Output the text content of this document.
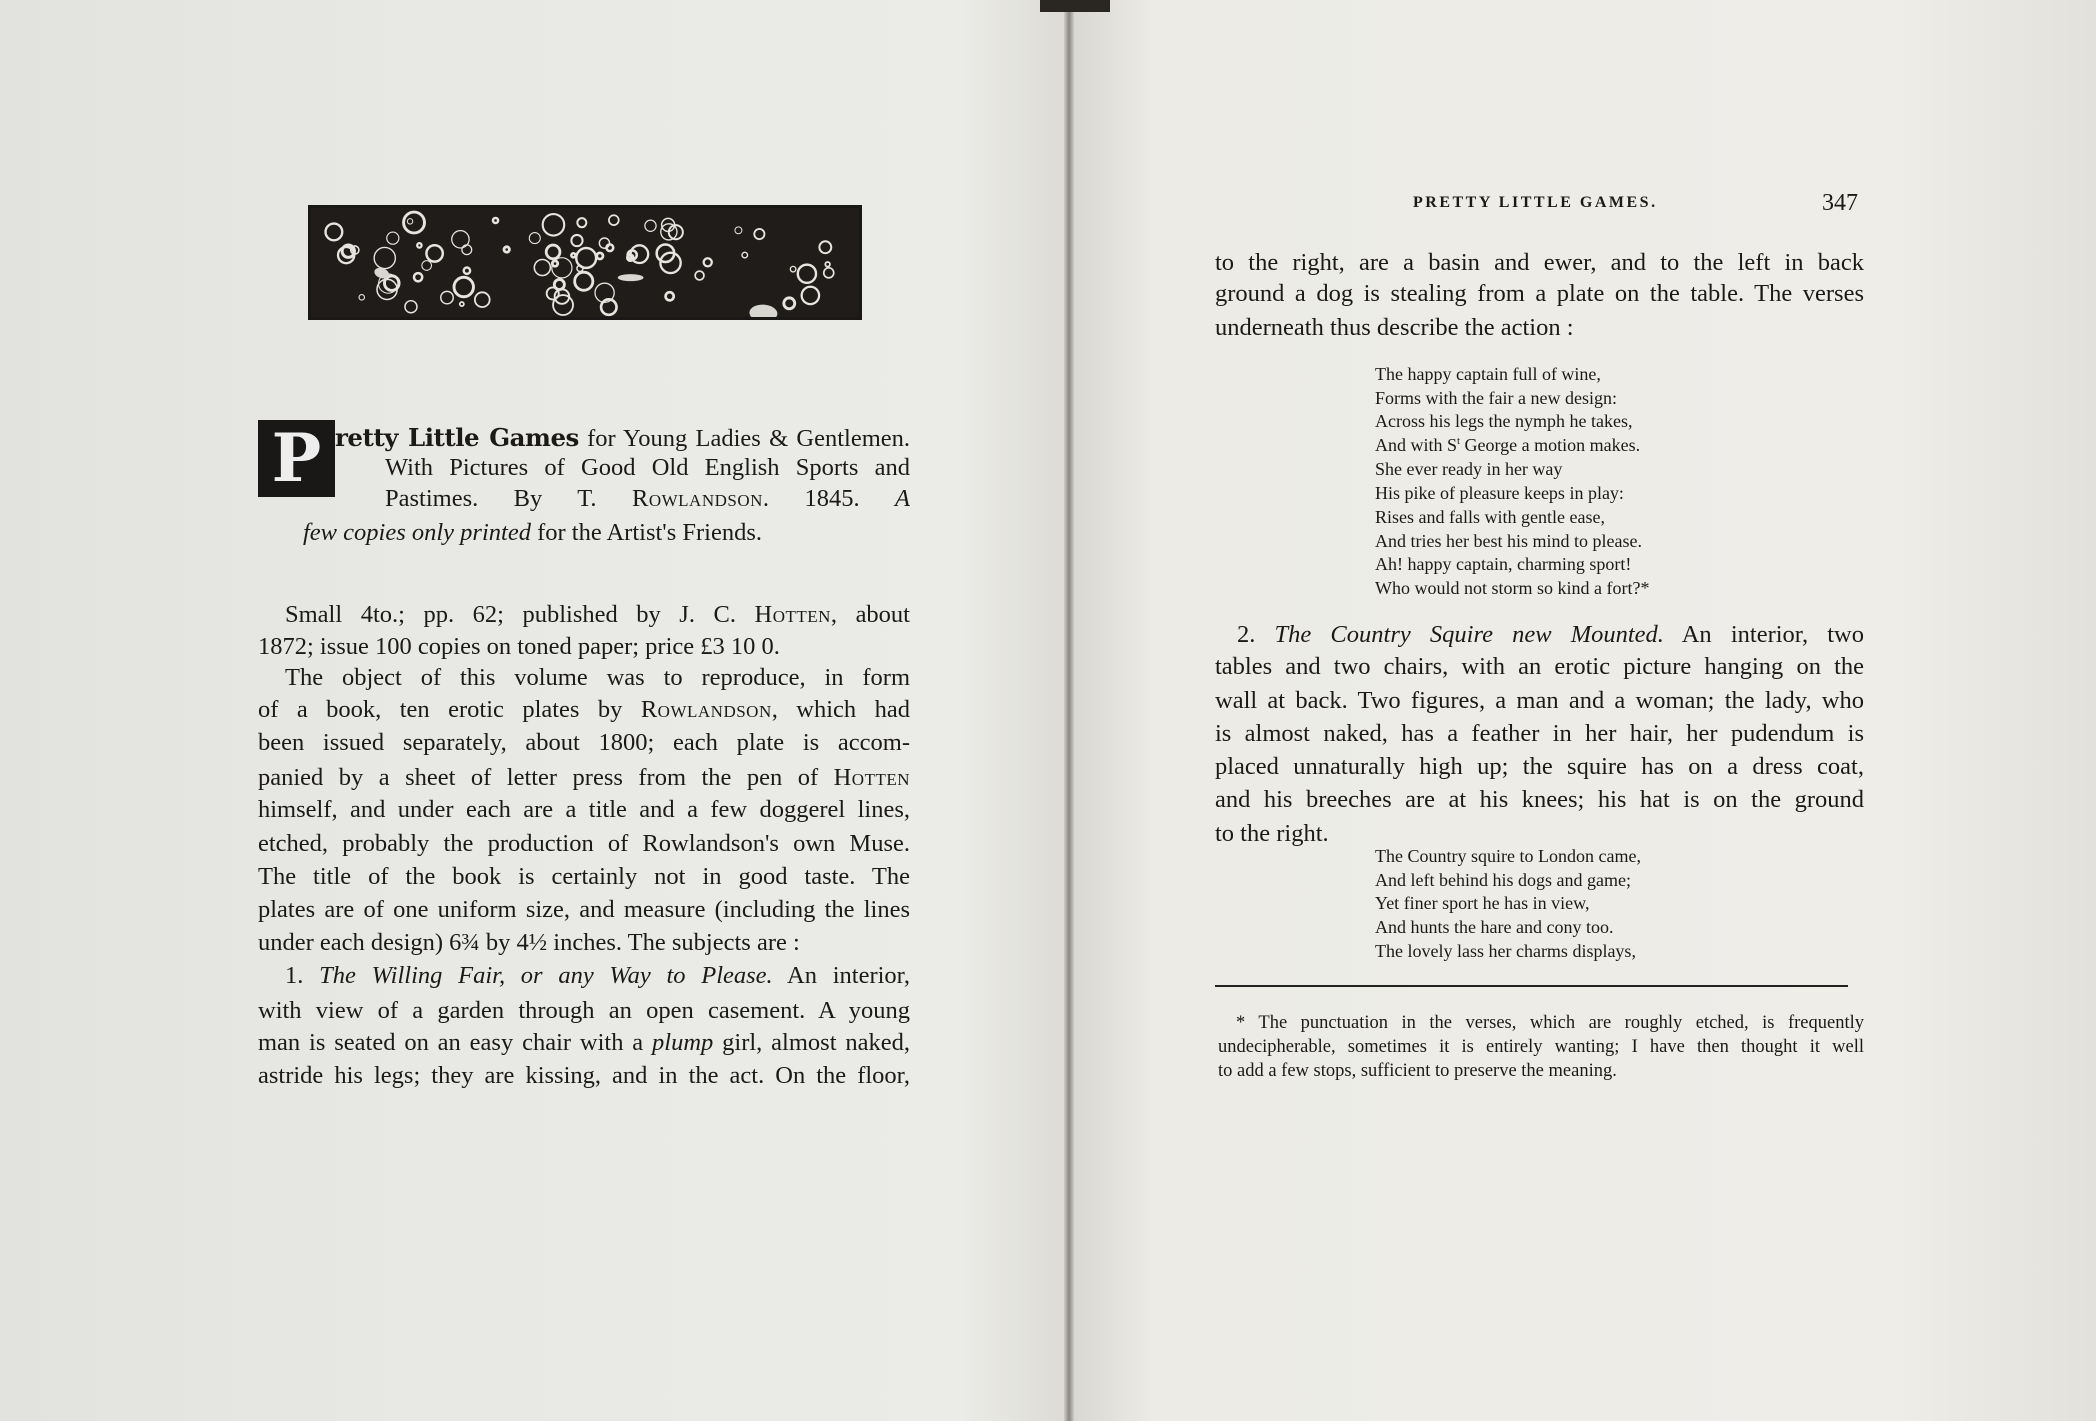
P retty Little Games for Young Ladies & Gentlemen.
With Pictures of Good Old English Sports and
Pastimes. By T. Rowlandson. 1845. A
few copies only printed for the Artist's Friends.
Small 4to.; pp. 62; published by J. C. Hotten, about
1872; issue 100 copies on toned paper; price £3 10 0.
The object of this volume was to reproduce, in form
of a book, ten erotic plates by Rowlandson, which had
been issued separately, about 1800; each plate is accom-
panied by a sheet of letter press from the pen of Hotten
himself, and under each are a title and a few doggerel lines,
etched, probably the production of Rowlandson's own Muse.
The title of the book is certainly not in good taste. The
plates are of one uniform size, and measure (including the lines
under each design) 6¾ by 4½ inches. The subjects are :
1. The Willing Fair, or any Way to Please. An interior,
with view of a garden through an open casement. A young
man is seated on an easy chair with a plump girl, almost naked,
astride his legs; they are kissing, and in the act. On the floor,
PRETTY LITTLE GAMES.	347
to the right, are a basin and ewer, and to the left in back
ground a dog is stealing from a plate on the table. The verses
underneath thus describe the action :
The happy captain full of wine,
Forms with the fair a new design:
Across his legs the nymph he takes,
And with $S^t$ George a motion makes.
She ever ready in her way
His pike of pleasure keeps in play:
Rises and falls with gentle ease,
And tries her best his mind to please.
Ah! happy captain, charming sport!
Who would not storm so kind a fort?*
2. The Country Squire new Mounted. An interior, two
tables and two chairs, with an erotic picture hanging on the
wall at back. Two figures, a man and a woman; the lady, who
is almost naked, has a feather in her hair, her pudendum is
placed unnaturally high up; the squire has on a dress coat,
and his breeches are at his knees; his hat is on the ground
to the right.
The Country squire to London came,
And left behind his dogs and game;
Yet finer sport he has in view,
And hunts the hare and cony too.
The lovely lass her charms displays,
* The punctuation in the verses, which are roughly etched, is frequently
undecipherable, sometimes it is entirely wanting; I have then thought it well
to add a few stops, sufficient to preserve the meaning.
